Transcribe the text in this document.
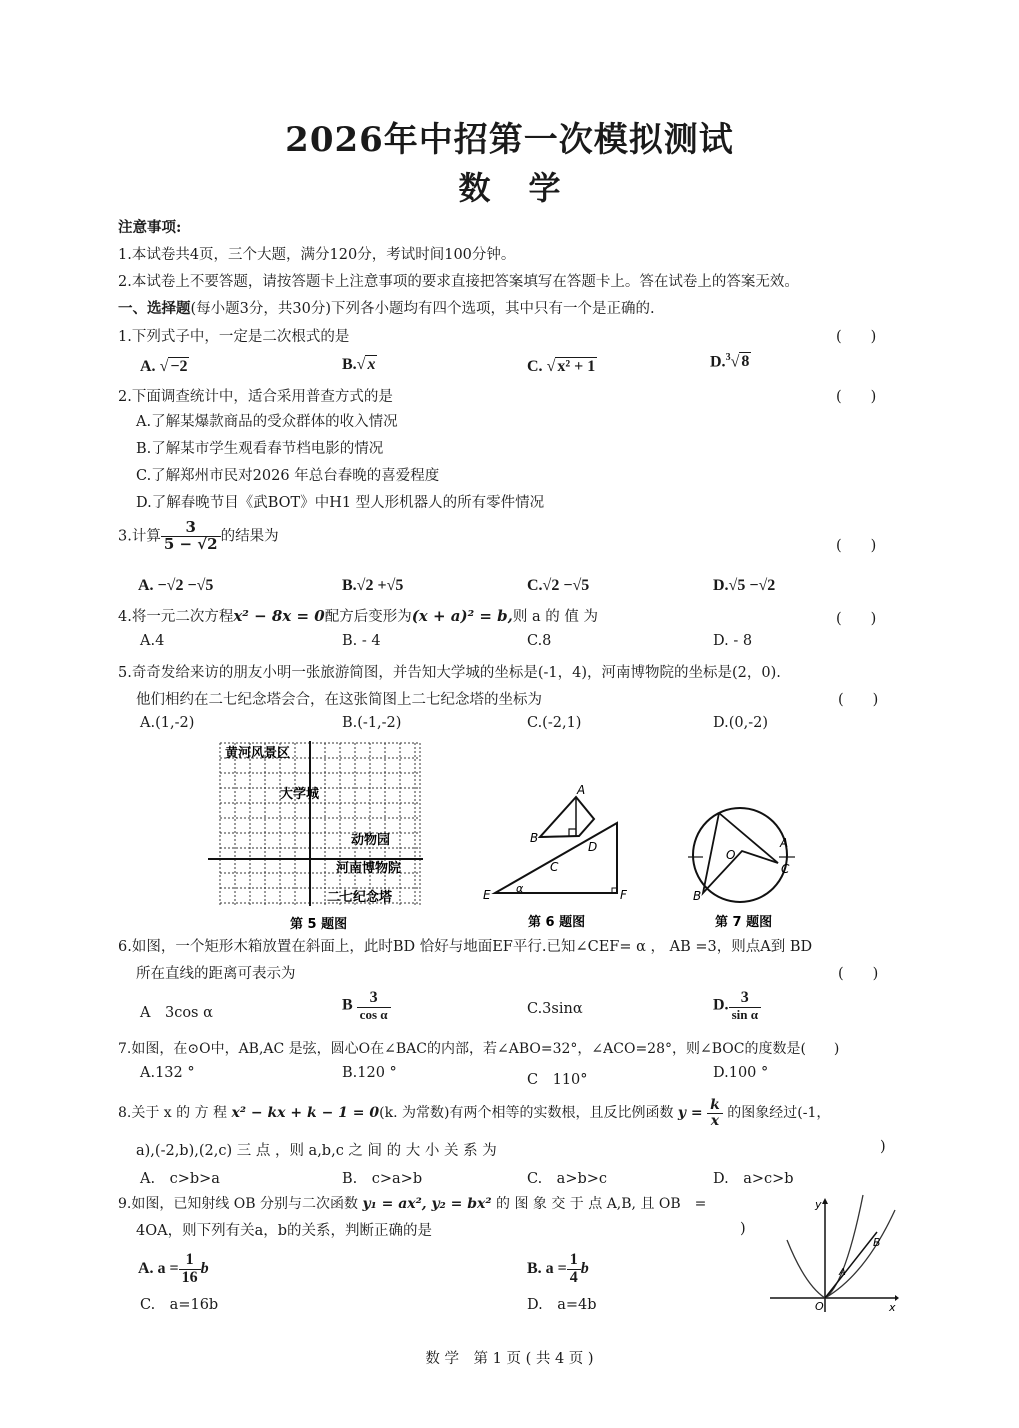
2026年中招第一次模拟测试
数学
注意事项:
1.本试卷共4页，三个大题，满分120分，考试时间100分钟。
2.本试卷上不要答题，请按答题卡上注意事项的要求直接把答案填写在答题卡上。答在试卷上的答案无效。
一、选择题(每小题3分，共30分)下列各小题均有四个选项，其中只有一个是正确的.
1.下列式子中，一定是二次根式的是	(　　)
A. √ −2	B.√ x	C. √ x² + 1	D.$^3$√ 8
2.下面调查统计中，适合采用普查方式的是	(　　)
A.了解某爆款商品的受众群体的收入情况
B.了解某市学生观看春节档电影的情况
C.了解郑州市民对2026 年总台春晚的喜爱程度
D.了解春晚节目《武BOT》中H1 型人形机器人的所有零件情况
3.计算 $\frac{3}{5 - √2}$ 的结果为
(　　)
A. −√2 −√5	B.√2 +√5	C.√2 −√5	D.√5 −√2
4.将一元二次方程x² − 8x = 0配方后变形为(x + a)² = b,则 a 的 值 为	(　　)
A.4	B. - 4	C.8	D. - 8
5.奇奇发给来访的朋友小明一张旅游简图，并告知大学城的坐标是(-1，4)，河南博物院的坐标是(2，0).
他们相约在二七纪念塔会合，在这张简图上二七纪念塔的坐标为	(　　)
A.(1,-2)	B.(-1,-2)	C.(-2,1)	D.(0,-2)
黄河风景区
大学城
动物园
河南博物院
二七纪念塔
第 5 题图
A
B
C
D
E	F
α
第 6 题图
A
O
B
C
第 7 题图
6.如图，一个矩形木箱放置在斜面上，此时BD 恰好与地面EF平行.已知∠CEF= α ， AB =3，则点A到 BD
所在直线的距离可表示为	(　　)
A　3cos α	B $\frac{3}{\text{cos α}}$	C.3sinα	D. $\frac{3}{\text{sin α}}$
7.如图，在⊙O中，AB,AC 是弦，圆心O在∠BAC的内部，若∠ABO=32°，∠ACO=28°，则∠BOC的度数是(　　)
A.132 °	B.120 °	C　110°	D.100 °
8.关于 x 的 方 程 x² − kx + k − 1 = 0(k. 为常数)有两个相等的实数根，且反比例函数 $y = \frac{k}{x}$ 的图象经过(-1，
a),(-2,b),(2,c) 三 点 ，则 a,b,c 之 间 的 大 小 关 系 为	)
A.　c>b>a	B.　c>a>b	C.　a>b>c	D.　a>c>b
9.如图，已知射线 OB 分别与二次函数 y₁ = ax², y₂ = bx² 的 图 象 交 于 点 A,B, 且 OB　=
4OA，则下列有关a，b的关系，判断正确的是	)
A. $a = \frac{1}{16}$ b	B. $a = \frac{1}{4}$ b
C.　a=16b	D.　a=4b
y
B
A
O	x
数 学　第 1 页 ( 共 4 页 )
